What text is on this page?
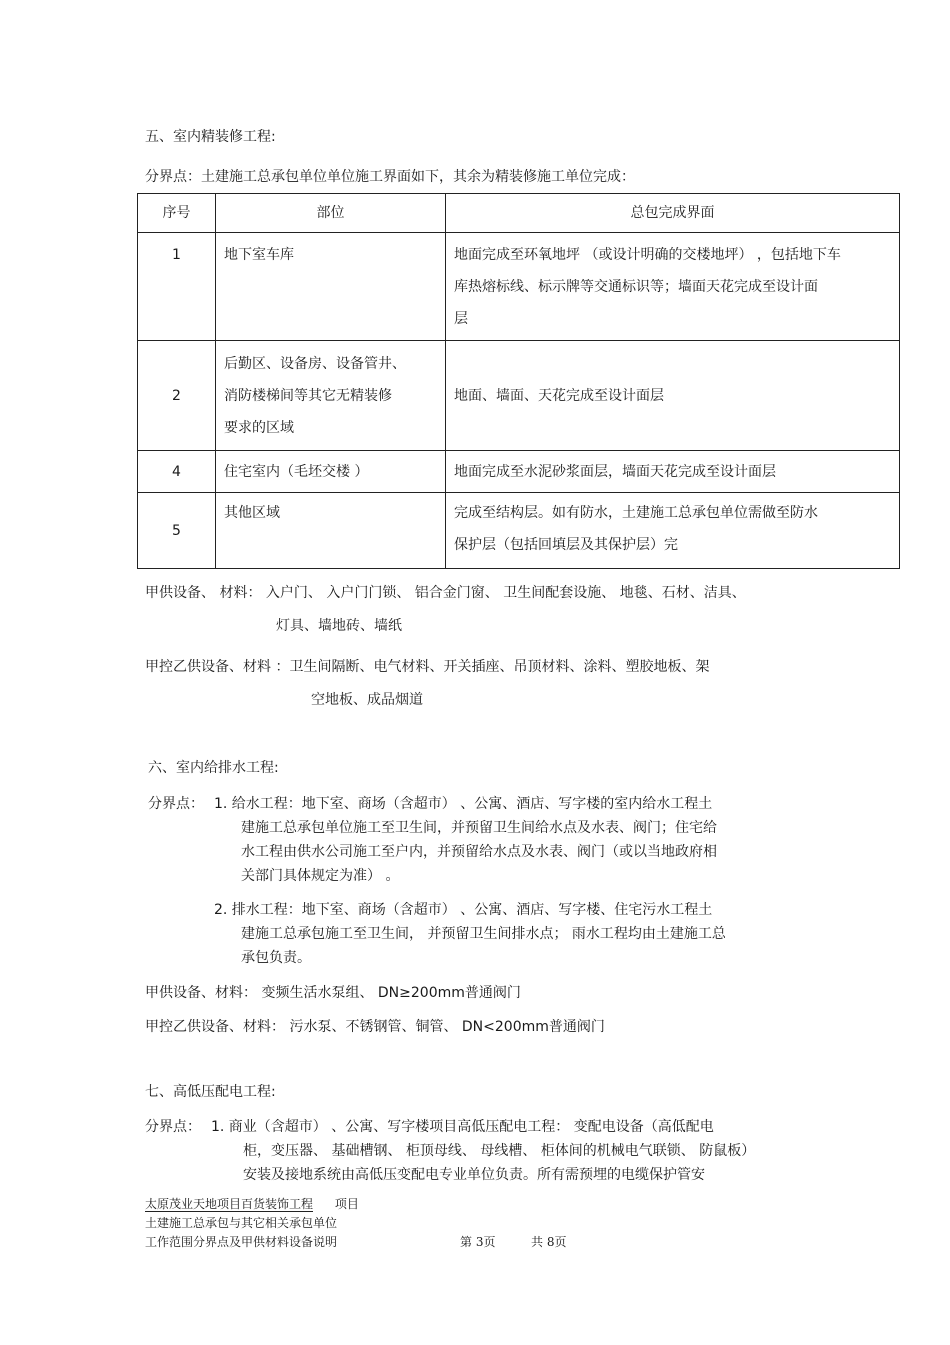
五、室内精装修工程:
分界点：土建施工总承包单位单位施工界面如下，其余为精装修施工单位完成：
序号	部位	总包完成界面
1	地下室车库	地面完成至环氧地坪 （或设计明确的交楼地坪） ，包括地下车
库热熔标线、标示牌等交通标识等；墙面天花完成至设计面
层

2	后勤区、设备房、设备管井、
消防楼梯间等其它无精装修
要求的区域	地面、墙面、天花完成至设计面层

4	住宅室内（毛坯交楼 ）	地面完成至水泥砂浆面层，墙面天花完成至设计面层

5	其他区域	完成至结构层。如有防水，土建施工总承包单位需做至防水
保护层（包括回填层及其保护层）完
甲供设备、 材料： 入户门、 入户门门锁、 铝合金门窗、 卫生间配套设施、 地毯、石材、洁具、
灯具、墙地砖、墙纸
甲控乙供设备、材料 ：卫生间隔断、电气材料、开关插座、吊顶材料、涂料、塑胶地板、架
空地板、成品烟道
六、室内给排水工程:
分界点： 1. 给水工程：地下室、商场（含超市） 、公寓、酒店、写字楼的室内给水工程土
建施工总承包单位施工至卫生间，并预留卫生间给水点及水表、阀门；住宅给
水工程由供水公司施工至户内，并预留给水点及水表、阀门（或以当地政府相
关部门具体规定为准） 。
2. 排水工程：地下室、商场（含超市） 、公寓、酒店、写字楼、住宅污水工程土
建施工总承包施工至卫生间， 并预留卫生间排水点； 雨水工程均由土建施工总
承包负责。
甲供设备、材料： 变频生活水泵组、 DN≥200mm普通阀门
甲控乙供设备、材料： 污水泵、不锈钢管、铜管、 DN<200mm普通阀门
七、高低压配电工程:
分界点： 1. 商业（含超市） 、公寓、写字楼项目高低压配电工程： 变配电设备（高低配电
柜，变压器、 基础槽钢、 柜顶母线、 母线槽、 柜体间的机械电气联锁、 防鼠板）
安装及接地系统由高低压变配电专业单位负责。所有需预埋的电缆保护管安
太原茂业天地项目百货装饰工程 项目
土建施工总承包与其它相关承包单位
工作范围分界点及甲供材料设备说明	第 3页	共 8页
